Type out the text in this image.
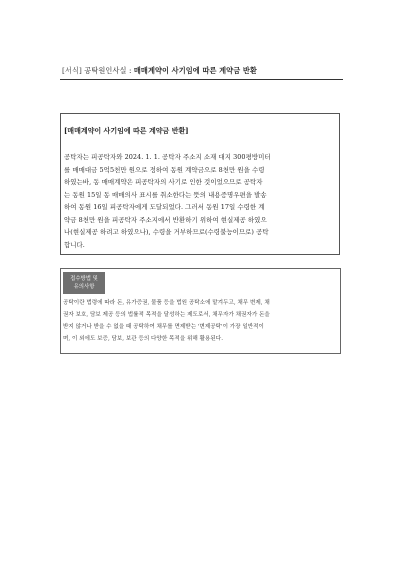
[서식] 공탁원인사실 : 매매계약이 사기임에 따른 계약금 반환
[매매계약이 사기임에 따른 계약금 반환]
공탁자는 피공탁자와 2024. 1. 1. 공탁자 주소지 소재 대지 300평방미터
를 매매대금 5억5천만 원으로 정하여 동원 계약금으로 8천만 원을 수령
하였는바, 동 매매계약은 피공탁자의 사기로 인한 것이었으므로 공탁자
는 동원 15일 동 매매의사 표시를 취소한다는 뜻의 내용증명우편을 발송
하여 동원 16일 피공탁자에게 도달되었다. 그러서 동원 17일 수령한 계
약금 8천만 원을 피공탁자 주소지에서 반환하기 위하여 현실제공 하였으
나(현실제공 하려고 하였으나), 수령을 거부하므로(수령불능이므로) 공탁
합니다.
접수방법 및
유의사항
공탁이란 법령에 따라 돈, 유가증권, 물품 등을 법원 공탁소에 맡겨두고, 채무 변제, 채
권자 보호, 담보 제공 등의 법률적 목적을 달성하는 제도로서, 채무자가 채권자가 돈을
받지 않거나 받을 수 없을 때 공탁하여 채무를 면제받는 '변제공탁'이 가장 일반적이
며, 이 외에도 보증, 담보, 보관 등의 다양한 목적을 위해 활용된다.
